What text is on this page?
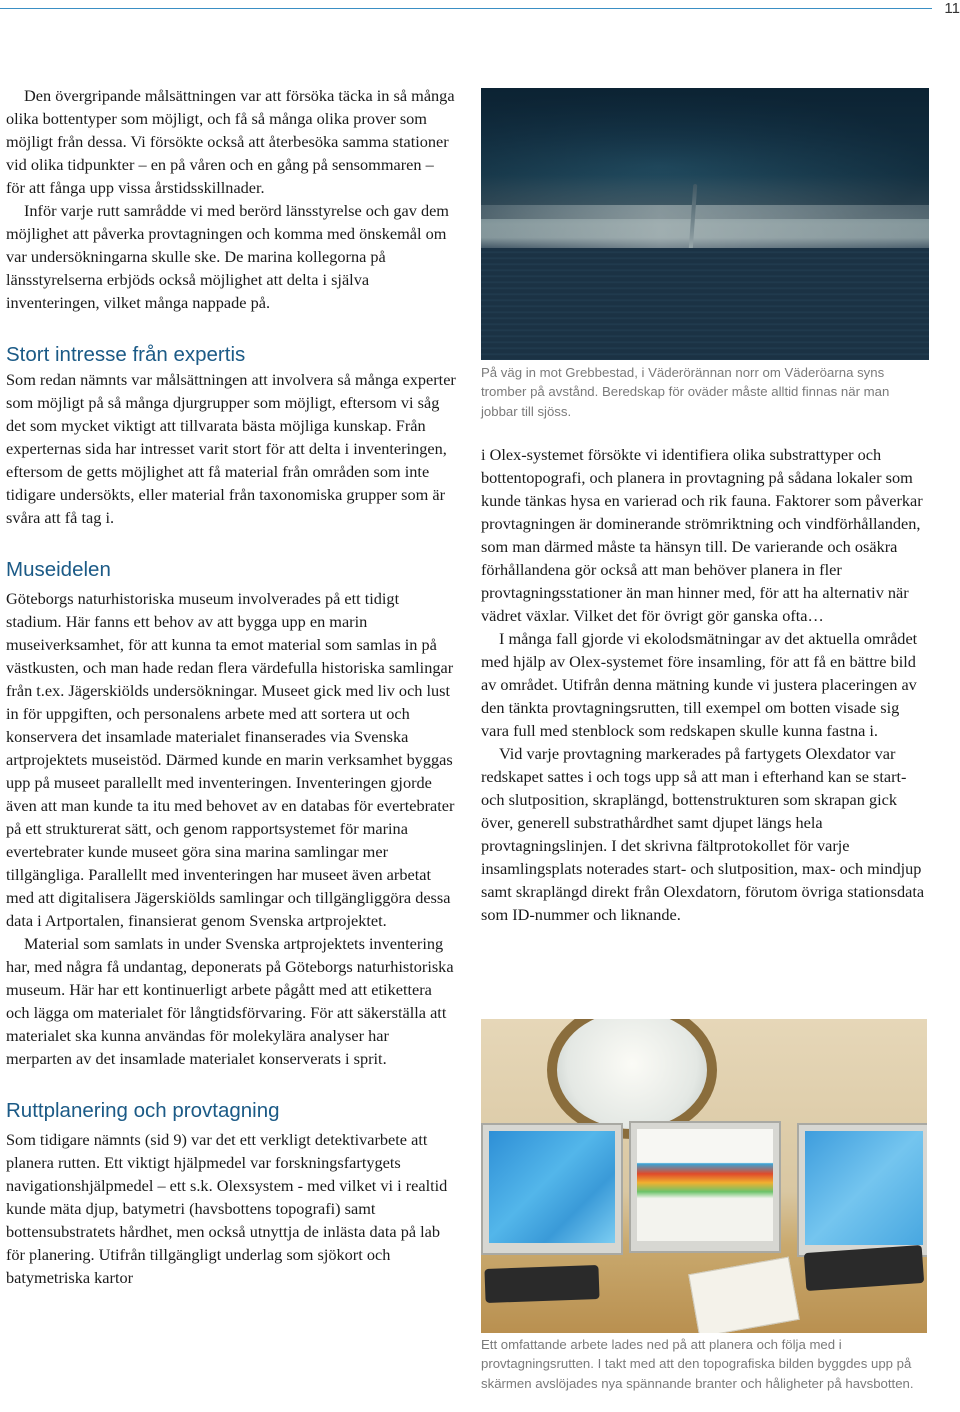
11

Den övergripande målsättningen var att försöka täcka in så många olika bottentyper som möjligt, och få så många olika prover som möjligt från dessa. Vi försökte också att återbesöka samma stationer vid olika tidpunkter – en på våren och en gång på sensommaren – för att fånga upp vissa årstidsskillnader.

Inför varje rutt samrådde vi med berörd länsstyrelse och gav dem möjlighet att påverka provtagningen och komma med önskemål om var undersökningarna skulle ske. De marina kollegorna på länsstyrelserna erbjöds också möjlighet att delta i själva inventeringen, vilket många nappade på.

Stort intresse från expertis

Som redan nämnts var målsättningen att involvera så många experter som möjligt på så många djurgrupper som möjligt, eftersom vi såg det som mycket viktigt att tillvarata bästa möjliga kunskap. Från experternas sida har intresset varit stort för att delta i inventeringen, eftersom de getts möjlighet att få material från områden som inte tidigare undersökts, eller material från taxonomiska grupper som är svåra att få tag i.

Museidelen

Göteborgs naturhistoriska museum involverades på ett tidigt stadium. Här fanns ett behov av att bygga upp en marin museiverksamhet, för att kunna ta emot material som samlas in på västkusten, och man hade redan flera värdefulla historiska samlingar från t.ex. Jägerskiölds undersökningar. Museet gick med liv och lust in för uppgiften, och personalens arbete med att sortera ut och konservera det insamlade materialet finanserades via Svenska artprojektets museistöd. Därmed kunde en marin verksamhet byggas upp på museet parallellt med inventeringen. Inventeringen gjorde även att man kunde ta itu med behovet av en databas för evertebrater på ett strukturerat sätt, och genom rapportsystemet för marina evertebrater kunde museet göra sina marina samlingar mer tillgängliga. Parallellt med inventeringen har museet även arbetat med att digitalisera Jägerskiölds samlingar och tillgängliggöra dessa data i Artportalen, finansierat genom Svenska artprojektet.

Material som samlats in under Svenska artprojektets inventering har, med några få undantag, deponerats på Göteborgs naturhistoriska museum. Här har ett kontinuerligt arbete pågått med att etikettera och lägga om materialet för långtidsförvaring. För att säkerställa att materialet ska kunna användas för molekylära analyser har merparten av det insamlade materialet konserverats i sprit.

Ruttplanering och provtagning

Som tidigare nämnts (sid 9) var det ett verkligt detektivarbete att planera rutten. Ett viktigt hjälpmedel var forskningsfartygets navigationshjälpmedel – ett s.k. Olexsystem - med vilket vi i realtid kunde mäta djup, batymetri (havsbottens topografi) samt bottensubstratets hårdhet, men också utnyttja de inlästa data på lab för planering. Utifrån tillgängligt underlag som sjökort och batymetriska kartor

På väg in mot Grebbestad, i Väderörännan norr om Väderöarna syns tromber på avstånd. Beredskap för oväder måste alltid finnas när man jobbar till sjöss.

i Olex-systemet försökte vi identifiera olika substrattyper och bottentopografi, och planera in provtagning på sådana lokaler som kunde tänkas hysa en varierad och rik fauna. Faktorer som påverkar provtagningen är dominerande strömriktning och vindförhållanden, som man därmed måste ta hänsyn till. De varierande och osäkra förhållandena gör också att man behöver planera in fler provtagningsstationer än man hinner med, för att ha alternativ när vädret växlar. Vilket det för övrigt gör ganska ofta…

I många fall gjorde vi ekolodsmätningar av det aktuella området med hjälp av Olex-systemet före insamling, för att få en bättre bild av området. Utifrån denna mätning kunde vi justera placeringen av den tänkta provtagningsrutten, till exempel om botten visade sig vara full med stenblock som redskapen skulle kunna fastna i.

Vid varje provtagning markerades på fartygets Olexdator var redskapet sattes i och togs upp så att man i efterhand kan se start- och slutposition, skraplängd, bottenstrukturen som skrapan gick över, generell substrathårdhet samt djupet längs hela provtagningslinjen. I det skrivna fältprotokollet för varje insamlingsplats noterades start- och slutposition, max- och mindjup samt skraplängd direkt från Olexdatorn, förutom övriga stationsdata som ID-nummer och liknande.

Ett omfattande arbete lades ned på att planera och följa med i provtagningsrutten. I takt med att den topografiska bilden byggdes upp på skärmen avslöjades nya spännande branter och håligheter på havsbotten.
